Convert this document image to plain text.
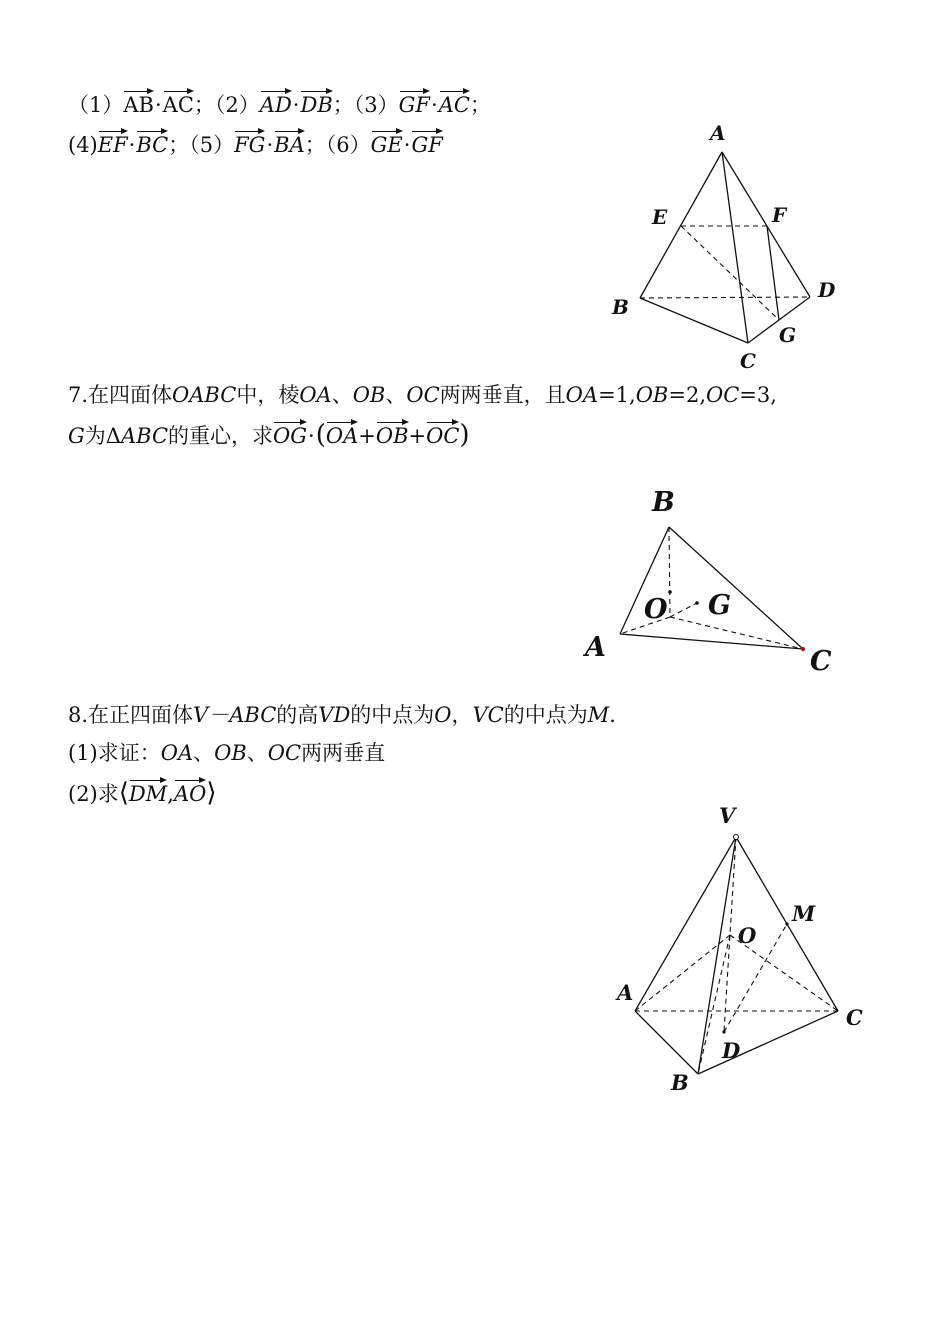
（1）AB·AC；（2）AD·DB；（3）GF·AC；
(4)EF·BC；（5）FG·BA；（6）GE·GF	A
E	F
B
D
G
C
7.在四面体OABC中，棱OA、OB、OC两两垂直，且OA=1,OB=2,OC=3,
G为ΔABC的重心，求OG·(OA+OB+OC)
B
O G
A	C
8.在正四面体V－ABC的高VD的中点为O，VC的中点为M.
(1)求证：OA、OB、OC两两垂直
(2)求⟨DM,AO⟩
V
M
O
A
C
D
B
